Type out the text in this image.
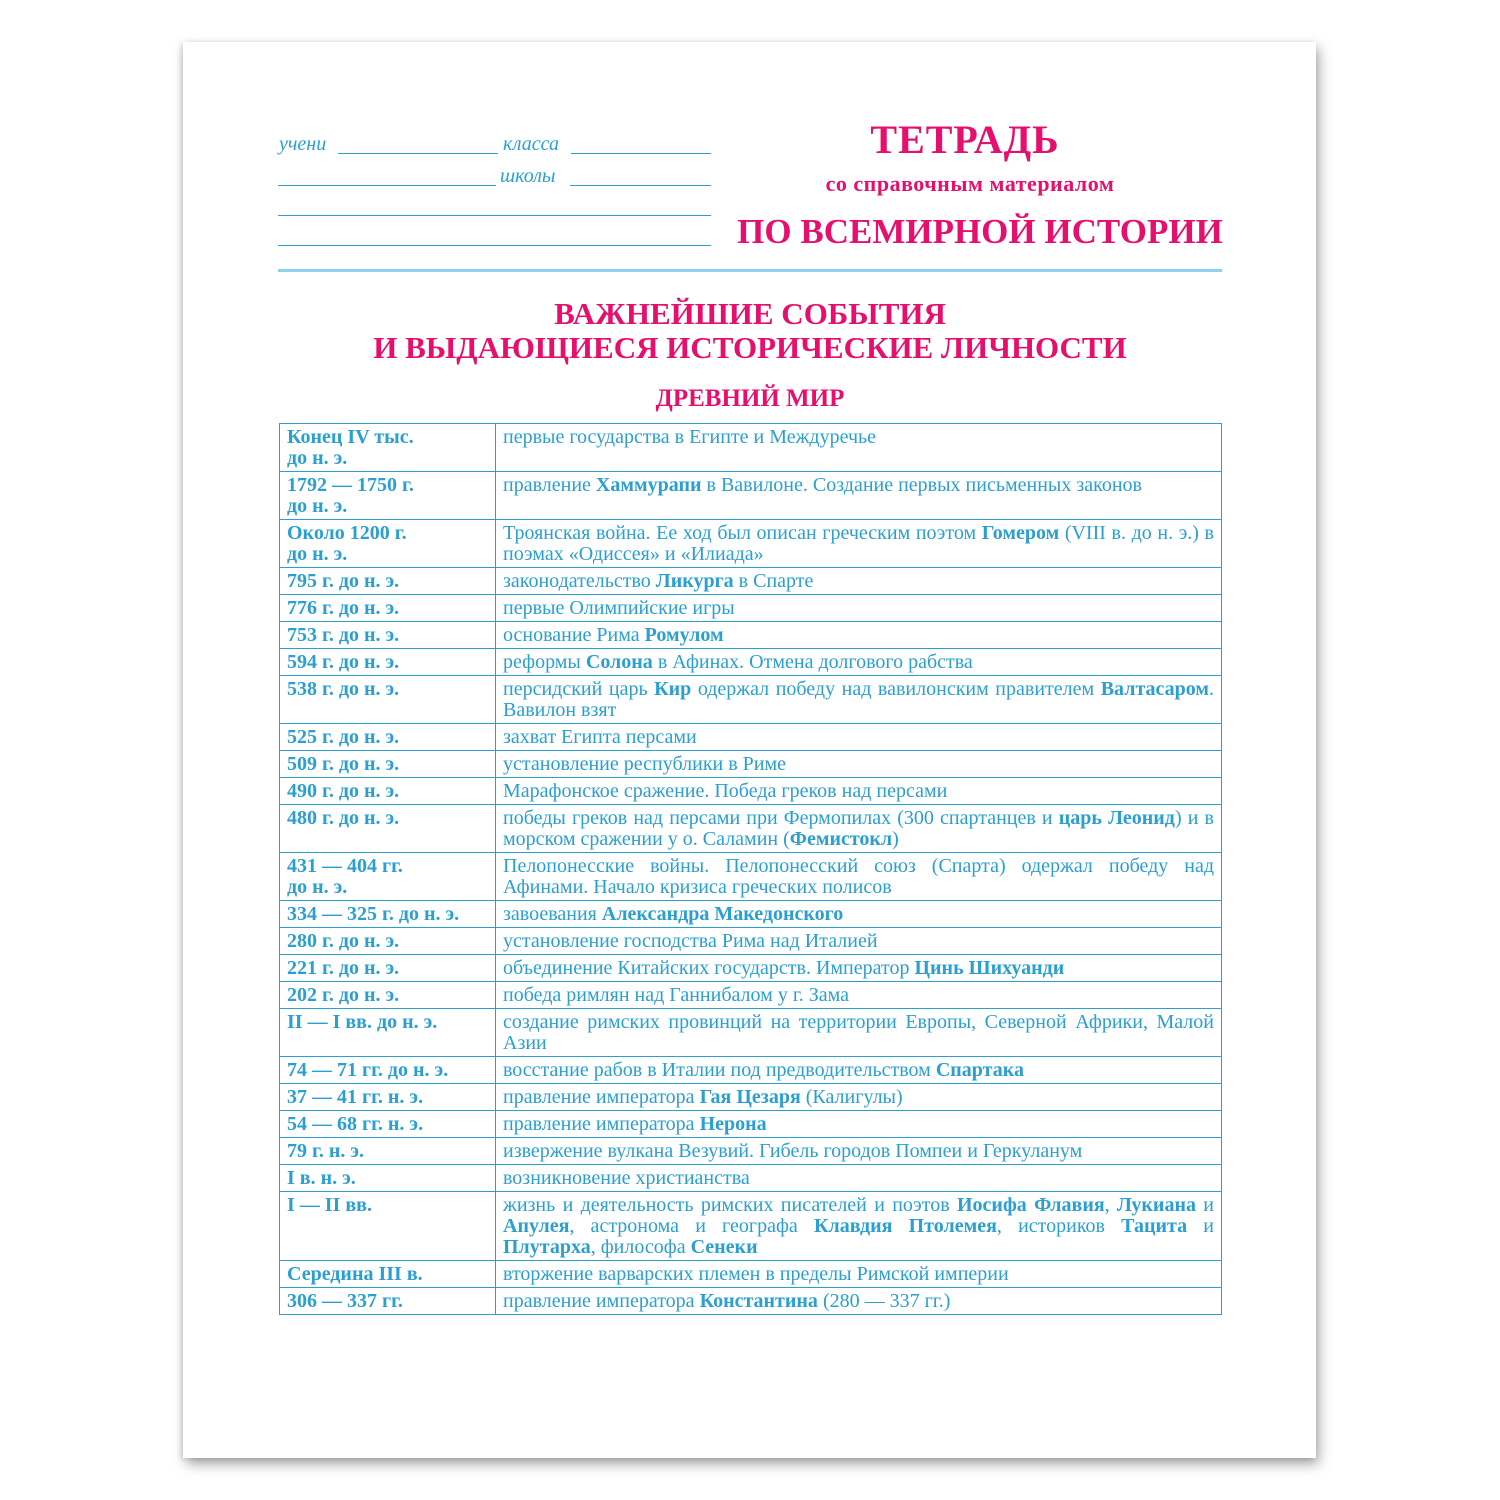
учени	класса
школы
ТЕТРАДЬ
со справочным материалом
ПО ВСЕМИРНОЙ ИСТОРИИ
ВАЖНЕЙШИЕ СОБЫТИЯ
И ВЫДАЮЩИЕСЯ ИСТОРИЧЕСКИЕ ЛИЧНОСТИ
ДРЕВНИЙ МИР
Конец IV тыс.
до н. э.	первые государства в Египте и Междуречье
1792 — 1750 г.
до н. э.	правление Хаммурапи в Вавилоне. Создание первых письменных законов
Около 1200 г.
до н. э.	Троянская война. Ее ход был описан греческим поэтом Гомером (VIII в. до н. э.) в поэмах «Одиссея» и «Илиада»
795 г. до н. э.	законодательство Ликурга в Спарте
776 г. до н. э.	первые Олимпийские игры
753 г. до н. э.	основание Рима Ромулом
594 г. до н. э.	реформы Солона в Афинах. Отмена долгового рабства
538 г. до н. э.	персидский царь Кир одержал победу над вавилонским правителем Валтасаром. Вавилон взят
525 г. до н. э.	захват Египта персами
509 г. до н. э.	установление республики в Риме
490 г. до н. э.	Марафонское сражение. Победа греков над персами
480 г. до н. э.	победы греков над персами при Фермопилах (300 спартанцев и царь Леонид) и в морском сражении у о. Саламин (Фемистокл)
431 — 404 гг.
до н. э.	Пелопонесские войны. Пелопонесский союз (Спарта) одержал победу над Афинами. Начало кризиса греческих полисов
334 — 325 г. до н. э.	завоевания Александра Македонского
280 г. до н. э.	установление господства Рима над Италией
221 г. до н. э.	объединение Китайских государств. Император Цинь Шихуанди
202 г. до н. э.	победа римлян над Ганнибалом у г. Зама
II — I вв. до н. э.	создание римских провинций на территории Европы, Северной Африки, Малой Азии
74 — 71 гг. до н. э.	восстание рабов в Италии под предводительством Спартака
37 — 41 гг. н. э.	правление императора Гая Цезаря (Калигулы)
54 — 68 гг. н. э.	правление императора Нерона
79 г. н. э.	извержение вулкана Везувий. Гибель городов Помпеи и Геркуланум
I в. н. э.	возникновение христианства
I — II вв.	жизнь и деятельность римских писателей и поэтов Иосифа Флавия, Лукиана и Апулея, астронома и географа Клавдия Птолемея, историков Тацита и Плутарха, философа Сенеки
Середина III в.	вторжение варварских племен в пределы Римской империи
306 — 337 гг.	правление императора Константина (280 — 337 гг.)
